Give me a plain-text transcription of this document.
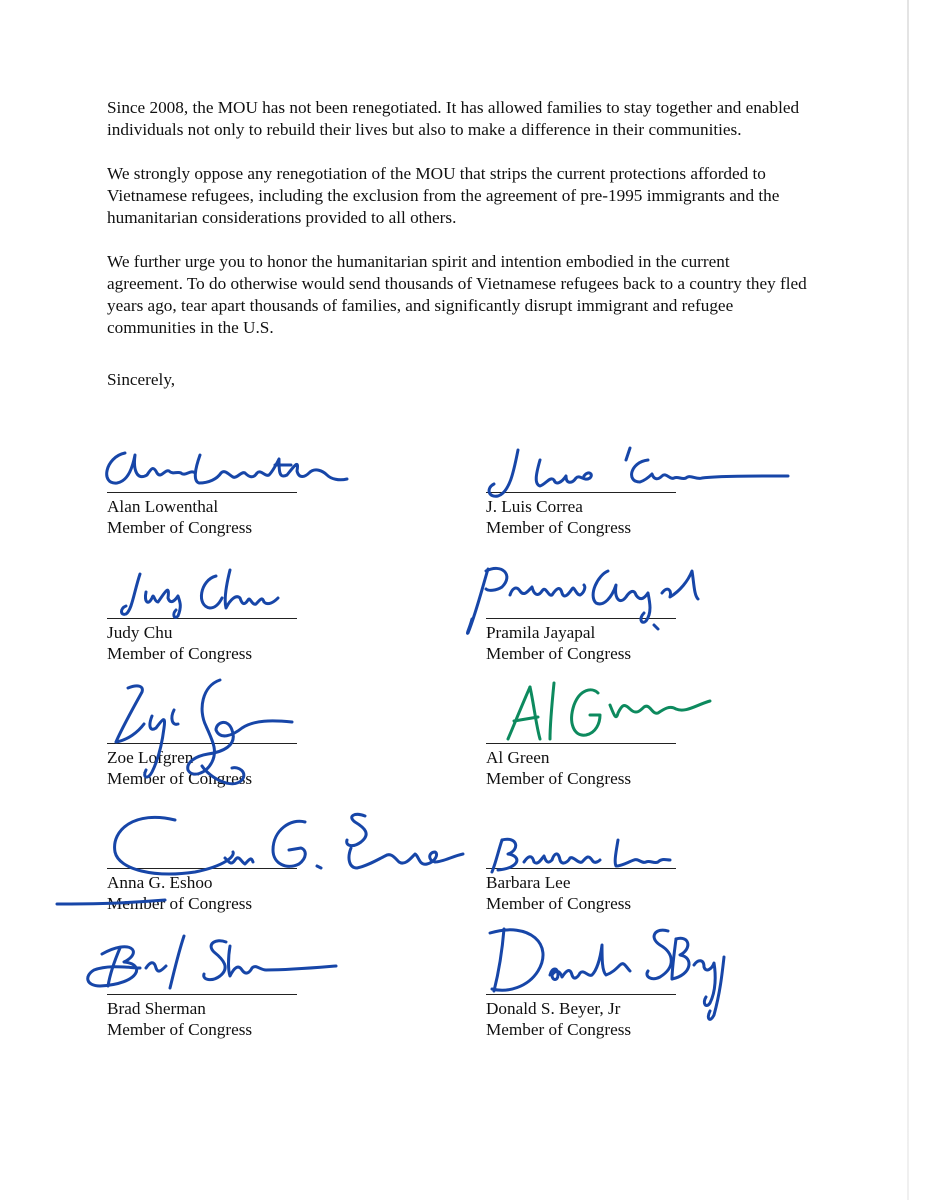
Since 2008, the MOU has not been renegotiated. It has allowed families to stay together and enabled individuals not only to rebuild their lives but also to make a difference in their communities.

We strongly oppose any renegotiation of the MOU that strips the current protections afforded to Vietnamese refugees, including the exclusion from the agreement of pre-1995 immigrants and the humanitarian considerations provided to all others.

We further urge you to honor the humanitarian spirit and intention embodied in the current agreement. To do otherwise would send thousands of Vietnamese refugees back to a country they fled years ago, tear apart thousands of families, and significantly disrupt immigrant and refugee communities in the U.S.

Sincerely,
Alan Lowenthal
Member of Congress
J. Luis Correa
Member of Congress
Judy Chu
Member of Congress
Pramila Jayapal
Member of Congress
Zoe Lofgren
Member of Congress
Al Green
Member of Congress
Anna G. Eshoo
Member of Congress
Barbara Lee
Member of Congress
Brad Sherman
Member of Congress
Donald S. Beyer, Jr
Member of Congress
